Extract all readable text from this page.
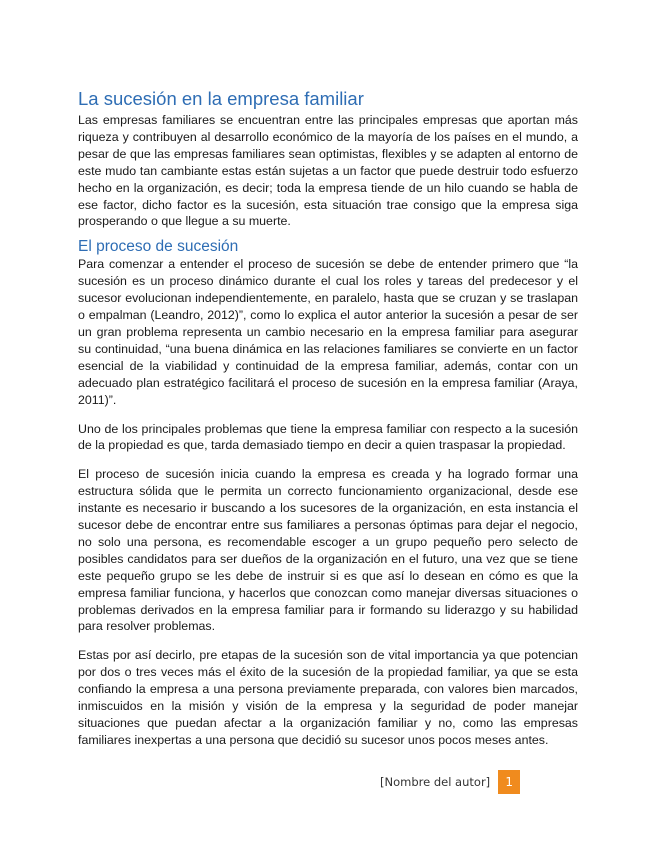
La sucesión en la empresa familiar

Las empresas familiares se encuentran entre las principales empresas que aportan más riqueza y contribuyen al desarrollo económico de la mayoría de los países en el mundo, a pesar de que las empresas familiares sean optimistas, flexibles y se adapten al entorno de este mudo tan cambiante estas están sujetas a un factor que puede destruir todo esfuerzo hecho en la organización, es decir; toda la empresa tiende de un hilo cuando se habla de ese factor, dicho factor es la sucesión, esta situación trae consigo que la empresa siga prosperando o que llegue a su muerte.

El proceso de sucesión

Para comenzar a entender el proceso de sucesión se debe de entender primero que “la sucesión es un proceso dinámico durante el cual los roles y tareas del predecesor y el sucesor evolucionan independientemente, en paralelo, hasta que se cruzan y se traslapan o empalman (Leandro, 2012)”, como lo explica el autor anterior la sucesión a pesar de ser un gran problema representa un cambio necesario en la empresa familiar para asegurar su continuidad, “una buena dinámica en las relaciones familiares se convierte en un factor esencial de la viabilidad y continuidad de la empresa familiar, además, contar con un adecuado plan estratégico facilitará el proceso de sucesión en la empresa familiar (Araya, 2011)”.

Uno de los principales problemas que tiene la empresa familiar con respecto a la sucesión de la propiedad es que, tarda demasiado tiempo en decir a quien traspasar la propiedad.

El proceso de sucesión inicia cuando la empresa es creada y ha logrado formar una estructura sólida que le permita un correcto funcionamiento organizacional, desde ese instante es necesario ir buscando a los sucesores de la organización, en esta instancia el sucesor debe de encontrar entre sus familiares a personas óptimas para dejar el negocio, no solo una persona, es recomendable escoger a un grupo pequeño pero selecto de posibles candidatos para ser dueños de la organización en el futuro, una vez que se tiene este pequeño grupo se les debe de instruir si es que así lo desean en cómo es que la empresa familiar funciona, y hacerlos que conozcan como manejar diversas situaciones o problemas derivados en la empresa familiar para ir formando su liderazgo y su habilidad para resolver problemas.

Estas por así decirlo, pre etapas de la sucesión son de vital importancia ya que potencian por dos o tres veces más el éxito de la sucesión de la propiedad familiar, ya que se esta confiando la empresa a una persona previamente preparada, con valores bien marcados, inmiscuidos en la misión y visión de la empresa y la seguridad de poder manejar situaciones que puedan afectar a la organización familiar y no, como las empresas familiares inexpertas a una persona que decidió su sucesor unos pocos meses antes.

[Nombre del autor]	1
